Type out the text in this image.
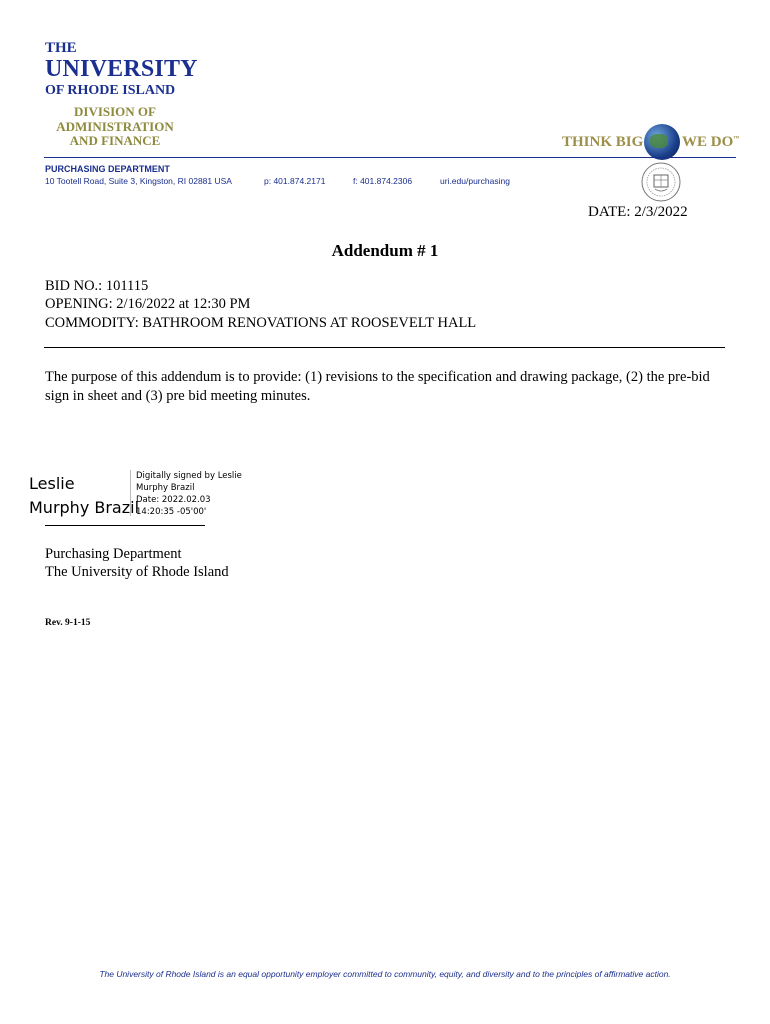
THE
UNIVERSITY
OF RHODE ISLAND
DIVISION OF
ADMINISTRATION
AND FINANCE	THINK BIG	WE DO™
PURCHASING DEPARTMENT
10 Tootell Road, Suite 3, Kingston, RI 02881 USA	p: 401.874.2171	f: 401.874.2306	uri.edu/purchasing
DATE: 2/3/2022
Addendum # 1
BID NO.: 101115
OPENING: 2/16/2022 at 12:30 PM
COMMODITY: BATHROOM RENOVATIONS AT ROOSEVELT HALL
The purpose of this addendum is to provide: (1) revisions to the specification and drawing package, (2) the pre-bid sign in sheet and (3) pre bid meeting minutes.
Leslie
Murphy Brazil
Digitally signed by Leslie
Murphy Brazil
Date: 2022.02.03
14:20:35 -05'00'
Purchasing Department
The University of Rhode Island
Rev. 9-1-15
The University of Rhode Island is an equal opportunity employer committed to community, equity, and diversity and to the principles of affirmative action.
